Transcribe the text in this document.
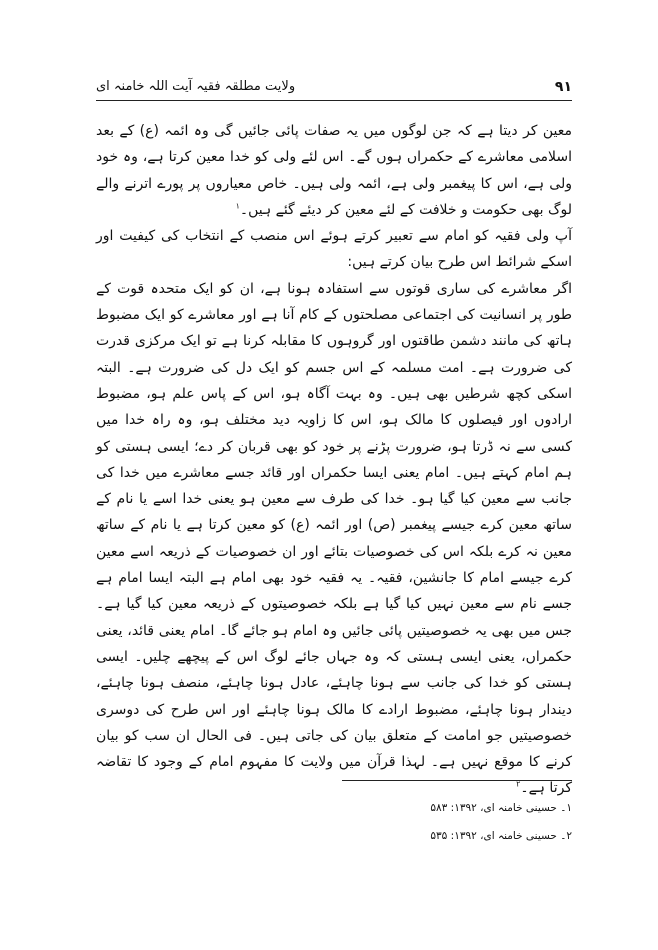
ولایت مطلقہ فقیہ آیت اللہ خامنہ ای	۹۱

معین کر دیتا ہے کہ جن لوگوں میں یہ صفات پائی جائیں گی وہ ائمہ (ع) کے بعد اسلامی معاشرے کے حکمراں ہوں گے۔ اس لئے ولی کو خدا معین کرتا ہے، وہ خود ولی ہے، اس کا پیغمبر ولی ہے، ائمہ ولی ہیں۔ خاص معیاروں پر پورے اترنے والے لوگ بھی حکومت و خلافت کے لئے معین کر دیئے گئے ہیں۔$^۱$

آپ ولی فقیہ کو امام سے تعبیر کرتے ہوئے اس منصب کے انتخاب کی کیفیت اور اسکے شرائط اس طرح بیان کرتے ہیں:

اگر معاشرے کی ساری قوتوں سے استفادہ ہونا ہے، ان کو ایک متحدہ قوت کے طور پر انسانیت کی اجتماعی مصلحتوں کے کام آنا ہے اور معاشرے کو ایک مضبوط ہاتھ کی مانند دشمن طاقتوں اور گروہوں کا مقابلہ کرنا ہے تو ایک مرکزی قدرت کی ضرورت ہے۔ امت مسلمہ کے اس جسم کو ایک دل کی ضرورت ہے۔ البتہ اسکی کچھ شرطیں بھی ہیں۔ وہ بہت آگاہ ہو، اس کے پاس علم ہو، مضبوط ارادوں اور فیصلوں کا مالک ہو، اس کا زاویہ دید مختلف ہو، وہ راہ خدا میں کسی سے نہ ڈرتا ہو، ضرورت پڑنے پر خود کو بھی قربان کر دے؛ ایسی ہستی کو ہم امام کہتے ہیں۔ امام یعنی ایسا حکمراں اور قائد جسے معاشرے میں خدا کی جانب سے معین کیا گیا ہو۔ خدا کی طرف سے معین ہو یعنی خدا اسے یا نام کے ساتھ معین کرے جیسے پیغمبر (ص) اور ائمہ (ع) کو معین کرتا ہے یا نام کے ساتھ معین نہ کرے بلکہ اس کی خصوصیات بتائے اور ان خصوصیات کے ذریعہ اسے معین کرے جیسے امام کا جانشین، فقیہ۔ یہ فقیہ خود بھی امام ہے البتہ ایسا امام ہے جسے نام سے معین نہیں کیا گیا ہے بلکہ خصوصیتوں کے ذریعہ معین کیا گیا ہے۔ جس میں بھی یہ خصوصیتیں پائی جائیں وہ امام ہو جائے گا۔ امام یعنی قائد، یعنی حکمراں، یعنی ایسی ہستی کہ وہ جہاں جائے لوگ اس کے پیچھے چلیں۔ ایسی ہستی کو خدا کی جانب سے ہونا چاہئے، عادل ہونا چاہئے، منصف ہونا چاہئے، دیندار ہونا چاہئے، مضبوط ارادے کا مالک ہونا چاہئے اور اس طرح کی دوسری خصوصیتیں جو امامت کے متعلق بیان کی جاتی ہیں۔ فی الحال ان سب کو بیان کرنے کا موقع نہیں ہے۔ لہذا قرآن میں ولایت کا مفہوم امام کے وجود کا تقاضہ کرتا ہے۔$^۲$

۱۔ حسینی خامنہ ای، ۱۳۹۲: ۵۸۳
۲۔ حسینی خامنہ ای، ۱۳۹۲: ۵۳۵
